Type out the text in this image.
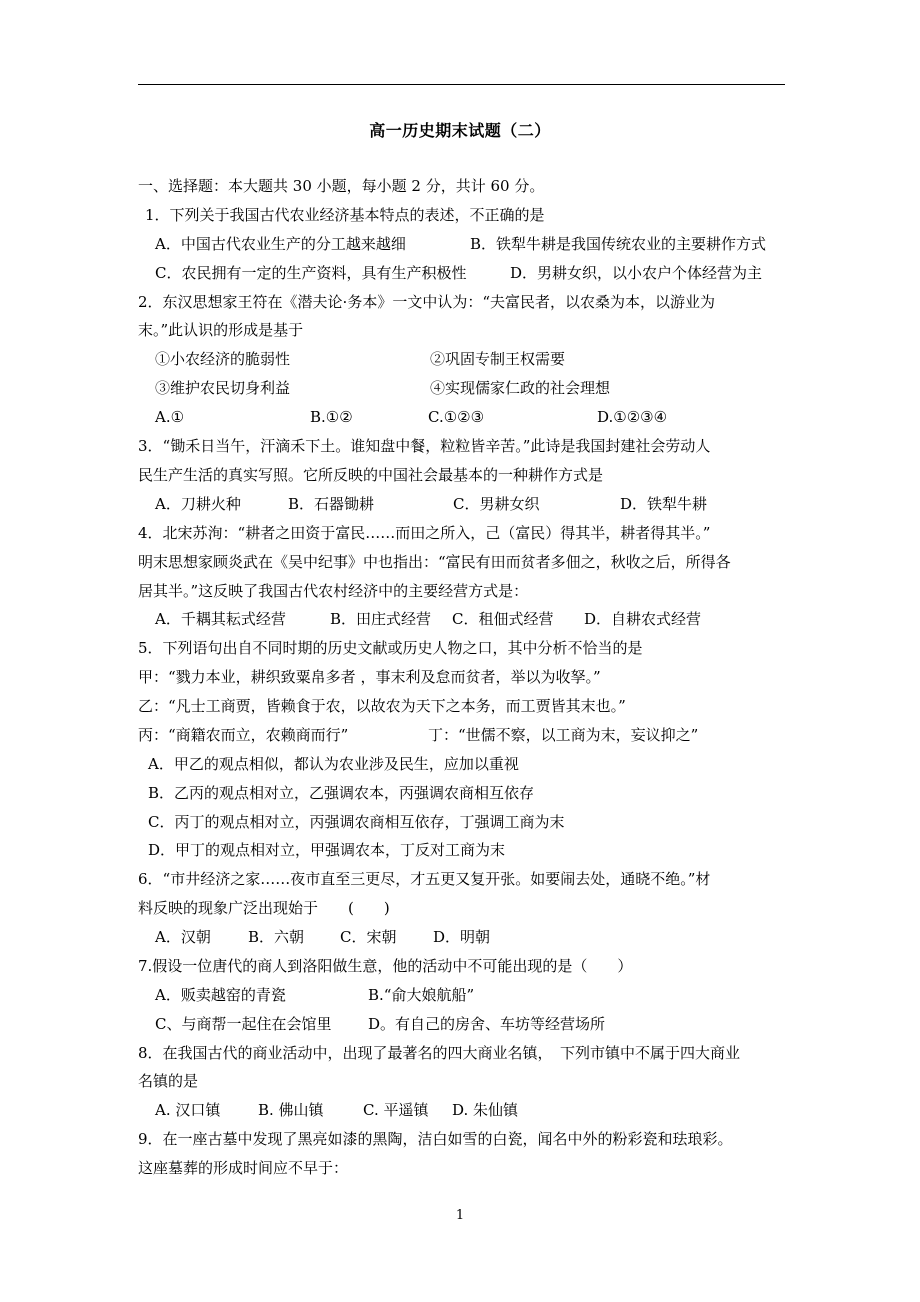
高一历史期末试题（二）
一、选择题：本大题共 30 小题，每小题 2 分，共计 60 分。
1．下列关于我国古代农业经济基本特点的表述，不正确的是
A．中国古代农业生产的分工越来越细	B．铁犁牛耕是我国传统农业的主要耕作方式
C．农民拥有一定的生产资料，具有生产积极性	D．男耕女织，以小农户个体经营为主
2．东汉思想家王符在《潜夫论·务本》一文中认为：“夫富民者，以农桑为本，以游业为
末。”此认识的形成是基于
①小农经济的脆弱性	②巩固专制王权需要
③维护农民切身利益	④实现儒家仁政的社会理想
A.①	B.①②	C.①②③	D.①②③④
3．“锄禾日当午，汗滴禾下土。谁知盘中餐，粒粒皆辛苦。”此诗是我国封建社会劳动人
民生产生活的真实写照。它所反映的中国社会最基本的一种耕作方式是
A．刀耕火种	B．石器锄耕	C．男耕女织	D．铁犁牛耕
4．北宋苏洵：“耕者之田资于富民……而田之所入，己（富民）得其半，耕者得其半。”
明末思想家顾炎武在《吴中纪事》中也指出：“富民有田而贫者多佃之，秋收之后，所得各
居其半。”这反映了我国古代农村经济中的主要经营方式是：
A．千耦其耘式经营	B．田庄式经营 C．租佃式经营 D．自耕农式经营
5．下列语句出自不同时期的历史文献或历史人物之口，其中分析不恰当的是
甲：“戮力本业，耕织致粟帛多者 ，事末利及怠而贫者，举以为收孥。”
乙：“凡士工商贾，皆赖食于农，以故农为天下之本务，而工贾皆其末也。”
丙：“商籍农而立，农赖商而行”	丁：“世儒不察，以工商为末，妄议抑之”
A．甲乙的观点相似，都认为农业涉及民生，应加以重视
B．乙丙的观点相对立，乙强调农本，丙强调农商相互依存
C．丙丁的观点相对立，丙强调农商相互依存，丁强调工商为末
D．甲丁的观点相对立，甲强调农本，丁反对工商为末
6．“市井经济之家……夜市直至三更尽，才五更又复开张。如要闹去处，通晓不绝。”材
料反映的现象广泛出现始于　　(　　)
A．汉朝 B．六朝 C．宋朝 D．明朝
7.假设一位唐代的商人到洛阳做生意，他的活动中不可能出现的是（　　）
A．贩卖越窑的青瓷	B.“俞大娘航船”
C、与商帮一起住在会馆里 D。有自己的房舍、车坊等经营场所
8．在我国古代的商业活动中，出现了最著名的四大商业名镇，　下列市镇中不属于四大商业
名镇的是
A. 汉口镇	B. 佛山镇	C. 平遥镇 D. 朱仙镇
9．在一座古墓中发现了黑亮如漆的黑陶，洁白如雪的白瓷，闻名中外的粉彩瓷和珐琅彩。
这座墓葬的形成时间应不早于：
1
